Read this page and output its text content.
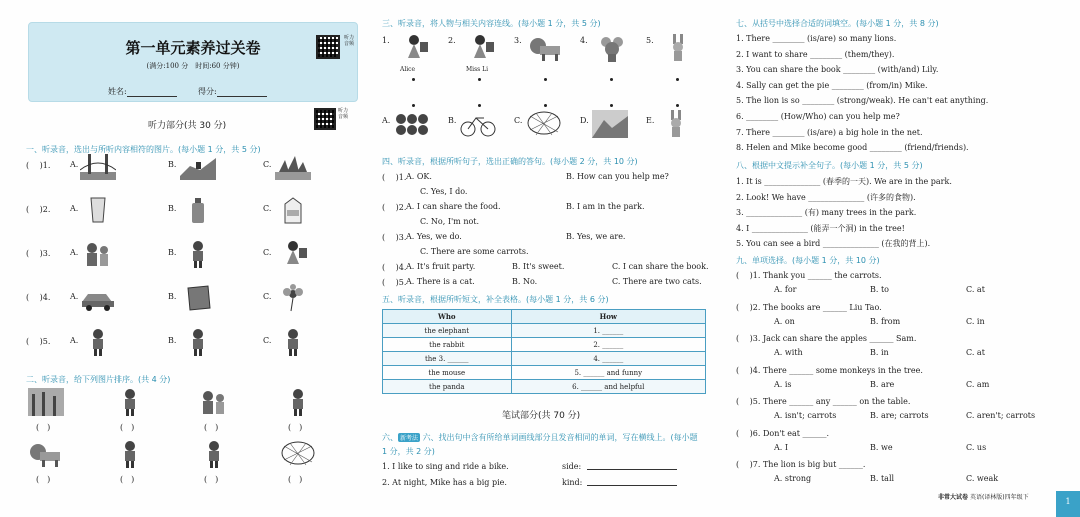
第一单元素养过关卷
(满分:100 分　时间:60 分钟)
听力音频
姓名:	得分:
听力部分(共 30 分)
听力音频
一、听录音，选出与所听内容相符的图片。(每小题 1 分，共 5 分)
( 　)1. A.	B.	C.
( 　)2. A.	B.	C.
( 　)3. A.	B.	C.
( 　)4. A.	B.	C.
( 　)5. A.	B.	C.
二、听录音，给下列图片排序。(共 4 分)
(　)	(　)	(　)	(　)
(　)	(　)	(　)	(　)
三、听录音，将人物与相关内容连线。(每小题 1 分，共 5 分)
1.
Alice
2.
Miss Li
3.	4.	5.
A.	B.	C.	D.	E.
四、听录音，根据所听句子，选出正确的答句。(每小题 2 分，共 10 分)
( 　)1. A. OK.	B. How can you help me?
C. Yes, I do.
( 　)2. A. I can share the food.	B. I am in the park.
C. No, I'm not.
( 　)3. A. Yes, we do.	B. Yes, we are.
C. There are some carrots.
( 　)4. A. It's fruit party.	B. It's sweet.	C. I can share the book.
( 　)5. A. There is a cat.	B. No.	C. There are two cats.
五、听录音，根据所听短文，补全表格。(每小题 1 分，共 6 分)
Who	How
the elephant	1. ______
the rabbit	2. ______
the 3. ______	4. ______
the mouse	5. ______ and funny
the panda	6. ______ and helpful
笔试部分(共 70 分)
六、 新考法 六、找出句中含有所给单词画线部分且发音相同的单词，写在横线上。(每小题
1 分，共 2 分)
1. I like to sing and ride a bike.	side:
2. At night, Mike has a big pie.	kind:
七、从括号中选择合适的词填空。(每小题 1 分，共 8 分)
1. There ________ (is/are) so many lions.
2. I want to share ________ (them/they).
3. You can share the book ________ (with/and) Lily.
4. Sally can get the pie ________ (from/in) Mike.
5. The lion is so ________ (strong/weak). He can't eat anything.
6. ________ (How/Who) can you help me?
7. There ________ (is/are) a big hole in the net.
8. Helen and Mike become good ________ (friend/friends).
八、根据中文提示补全句子。(每小题 1 分，共 5 分)
1. It is ______________ (春季的一天). We are in the park.
2. Look! We have ______________ (许多的食物).
3. ______________ (有) many trees in the park.
4. I ______________ (能弄一个洞) in the tree!
5. You can see a bird ______________ (在我的背上).
九、单项选择。(每小题 1 分，共 10 分)
( 　)1. Thank you ______ the carrots.
A. for	B. to	C. at
( 　)2. The books are ______ Liu Tao.
A. on	B. from	C. in
( 　)3. Jack can share the apples ______ Sam.
A. with	B. in	C. at
( 　)4. There ______ some monkeys in the tree.
A. is	B. are	C. am
( 　)5. There ______ any ______ on the table.
A. isn't; carrots	B. are; carrots	C. aren't; carrots
( 　)6. Don't eat ______.
A. I	B. we	C. us
( 　)7. The lion is big but ______.
A. strong	B. tall	C. weak
非常大试卷 英语(译林版)四年级下	1
